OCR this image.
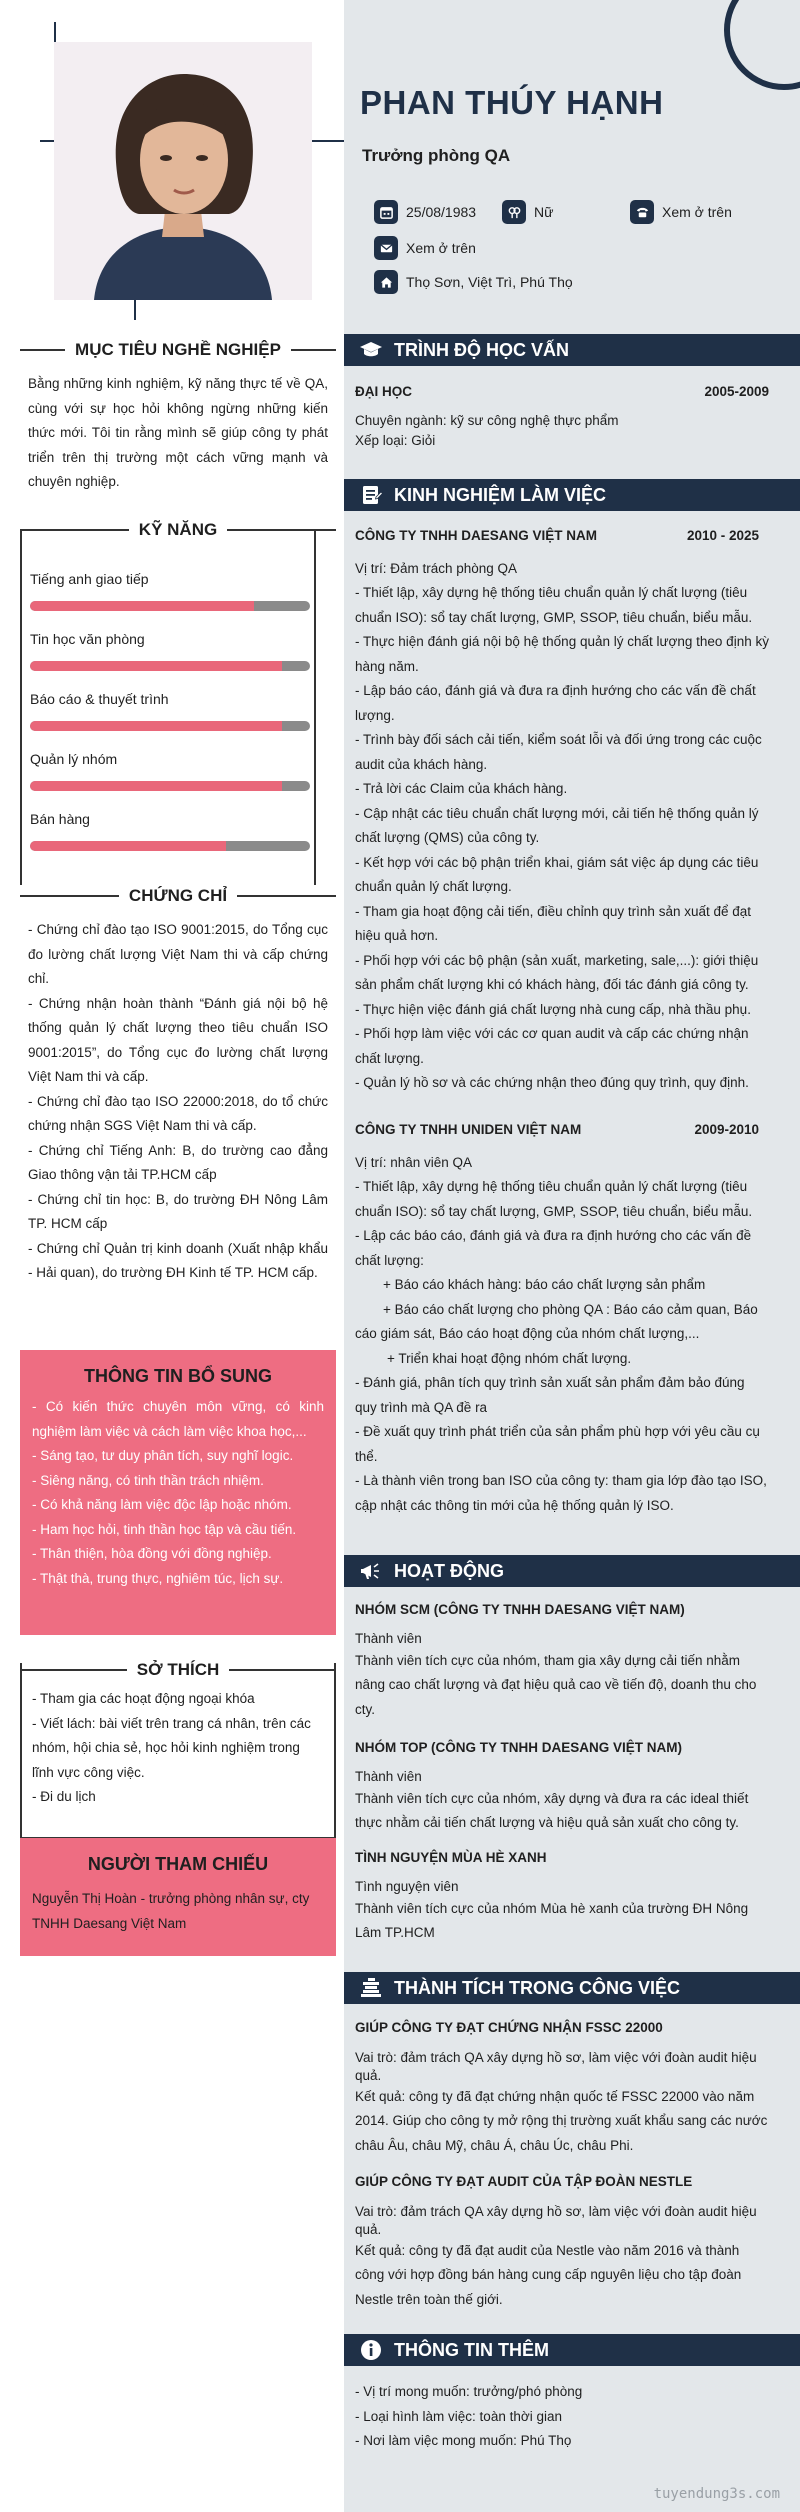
PHAN THÚY HẠNH
Trưởng phòng QA
25/08/1983	Nữ	Xem ở trên
Xem ở trên
Thọ Sơn, Việt Trì, Phú Thọ
MỤC TIÊU NGHỀ NGHIỆP
Bằng những kinh nghiệm, kỹ năng thực tế về QA, cùng với sự học hỏi không ngừng những kiến thức mới. Tôi tin rằng mình sẽ giúp công ty phát triển trên thị trường một cách vững mạnh và chuyên nghiệp.
KỸ NĂNG
Tiếng anh giao tiếp
Tin học văn phòng
Báo cáo & thuyết trình
Quản lý nhóm
Bán hàng
CHỨNG CHỈ
- Chứng chỉ đào tạo ISO 9001:2015, do Tổng cục đo lường chất lượng Việt Nam thi và cấp chứng chỉ.
- Chứng nhận hoàn thành “Đánh giá nội bộ hệ thống quản lý chất lượng theo tiêu chuẩn ISO 9001:2015”, do Tổng cục đo lường chất lượng Việt Nam thi và cấp.
- Chứng chỉ đào tạo ISO 22000:2018, do tổ chức chứng nhận SGS Việt Nam thi và cấp.
- Chứng chỉ Tiếng Anh: B, do trường cao đẳng Giao thông vận tải TP.HCM cấp
- Chứng chỉ tin học: B, do trường ĐH Nông Lâm TP. HCM cấp
- Chứng chỉ Quản trị kinh doanh (Xuất nhập khẩu - Hải quan), do trường ĐH Kinh tế TP. HCM cấp.
THÔNG TIN BỔ SUNG
- Có kiến thức chuyên môn vững, có kinh nghiệm làm việc và cách làm việc khoa học,...
- Sáng tạo, tư duy phân tích, suy nghĩ logic.
- Siêng năng, có tinh thần trách nhiệm.
- Có khả năng làm việc độc lập hoặc nhóm.
- Ham học hỏi, tinh thần học tập và cầu tiến.
- Thân thiện, hòa đồng với đồng nghiệp.
- Thật thà, trung thực, nghiêm túc, lịch sự.
SỞ THÍCH
- Tham gia các hoạt động ngoại khóa
- Viết lách: bài viết trên trang cá nhân, trên các nhóm, hội chia sẻ, học hỏi kinh nghiệm trong lĩnh vực công việc.
- Đi du lịch
NGƯỜI THAM CHIẾU
Nguyễn Thị Hoàn - trưởng phòng nhân sự, cty TNHH Daesang Việt Nam
TRÌNH ĐỘ HỌC VẤN
ĐẠI HỌC	2005-2009
Chuyên ngành: kỹ sư công nghệ thực phẩm
Xếp loại: Giỏi
KINH NGHIỆM LÀM VIỆC
CÔNG TY TNHH DAESANG VIỆT NAM	2010 - 2025
Vị trí: Đảm trách phòng QA
- Thiết lập, xây dựng hệ thống tiêu chuẩn quản lý chất lượng (tiêu chuẩn ISO): sổ tay chất lượng, GMP, SSOP, tiêu chuẩn, biểu mẫu.
- Thực hiện đánh giá nội bộ hệ thống quản lý chất lượng theo định kỳ hàng năm.
- Lập báo cáo, đánh giá và đưa ra định hướng cho các vấn đề chất lượng.
- Trình bày đối sách cải tiến, kiểm soát lỗi và đối ứng trong các cuộc audit của khách hàng.
- Trả lời các Claim của khách hàng.
- Cập nhật các tiêu chuẩn chất lượng mới, cải tiến hệ thống quản lý chất lượng (QMS) của công ty.
- Kết hợp với các bộ phận triển khai, giám sát việc áp dụng các tiêu chuẩn quản lý chất lượng.
- Tham gia hoạt động cải tiến, điều chỉnh quy trình sản xuất để đạt hiệu quả hơn.
- Phối hợp với các bộ phận (sản xuất, marketing, sale,...): giới thiệu sản phẩm chất lượng khi có khách hàng, đối tác đánh giá công ty.
- Thực hiện việc đánh giá chất lượng nhà cung cấp, nhà thầu phụ.
- Phối hợp làm việc với các cơ quan audit và cấp các chứng nhận chất lượng.
- Quản lý hồ sơ và các chứng nhận theo đúng quy trình, quy định.
CÔNG TY TNHH UNIDEN VIỆT NAM	2009-2010
Vị trí: nhân viên QA
- Thiết lập, xây dựng hệ thống tiêu chuẩn quản lý chất lượng (tiêu chuẩn ISO): sổ tay chất lượng, GMP, SSOP, tiêu chuẩn, biểu mẫu.
- Lập các báo cáo, đánh giá và đưa ra định hướng cho các vấn đề chất lượng:
+ Báo cáo khách hàng: báo cáo chất lượng sản phẩm
+ Báo cáo chất lượng cho phòng QA : Báo cáo cảm quan, Báo cáo giám sát, Báo cáo hoạt động của nhóm chất lượng,...
+ Triển khai hoạt động nhóm chất lượng.
- Đánh giá, phân tích quy trình sản xuất sản phẩm đảm bảo đúng quy trình mà QA đề ra
- Đề xuất quy trình phát triển của sản phẩm phù hợp với yêu cầu cụ thể.
- Là thành viên trong ban ISO của công ty: tham gia lớp đào tạo ISO, cập nhật các thông tin mới của hệ thống quản lý ISO.
HOẠT ĐỘNG
NHÓM SCM (CÔNG TY TNHH DAESANG VIỆT NAM)
Thành viên
Thành viên tích cực của nhóm, tham gia xây dựng cải tiến nhằm nâng cao chất lượng và đạt hiệu quả cao về tiến độ, doanh thu cho cty.
NHÓM TOP (CÔNG TY TNHH DAESANG VIỆT NAM)
Thành viên
Thành viên tích cực của nhóm, xây dựng và đưa ra các ideal thiết thực nhằm cải tiến chất lượng và hiệu quả sản xuất cho công ty.
TÌNH NGUYỆN MÙA HÈ XANH
Tình nguyện viên
Thành viên tích cực của nhóm Mùa hè xanh của trường ĐH Nông Lâm TP.HCM
THÀNH TÍCH TRONG CÔNG VIỆC
GIÚP CÔNG TY ĐẠT CHỨNG NHẬN FSSC 22000
Vai trò: đảm trách QA xây dựng hồ sơ, làm việc với đoàn audit hiệu quả.
Kết quả: công ty đã đạt chứng nhận quốc tế FSSC 22000 vào năm 2014. Giúp cho công ty mở rộng thị trường xuất khẩu sang các nước châu Âu, châu Mỹ, châu Á, châu Úc, châu Phi.
GIÚP CÔNG TY ĐẠT AUDIT CỦA TẬP ĐOÀN NESTLE
Vai trò: đảm trách QA xây dựng hồ sơ, làm việc với đoàn audit hiệu quả.
Kết quả: công ty đã đạt audit của Nestle vào năm 2016 và thành công với hợp đồng bán hàng cung cấp nguyên liệu cho tập đoàn Nestle trên toàn thế giới.
THÔNG TIN THÊM
- Vị trí mong muốn: trưởng/phó phòng
- Loại hình làm việc: toàn thời gian
- Nơi làm việc mong muốn: Phú Thọ
tuyendung3s.com
